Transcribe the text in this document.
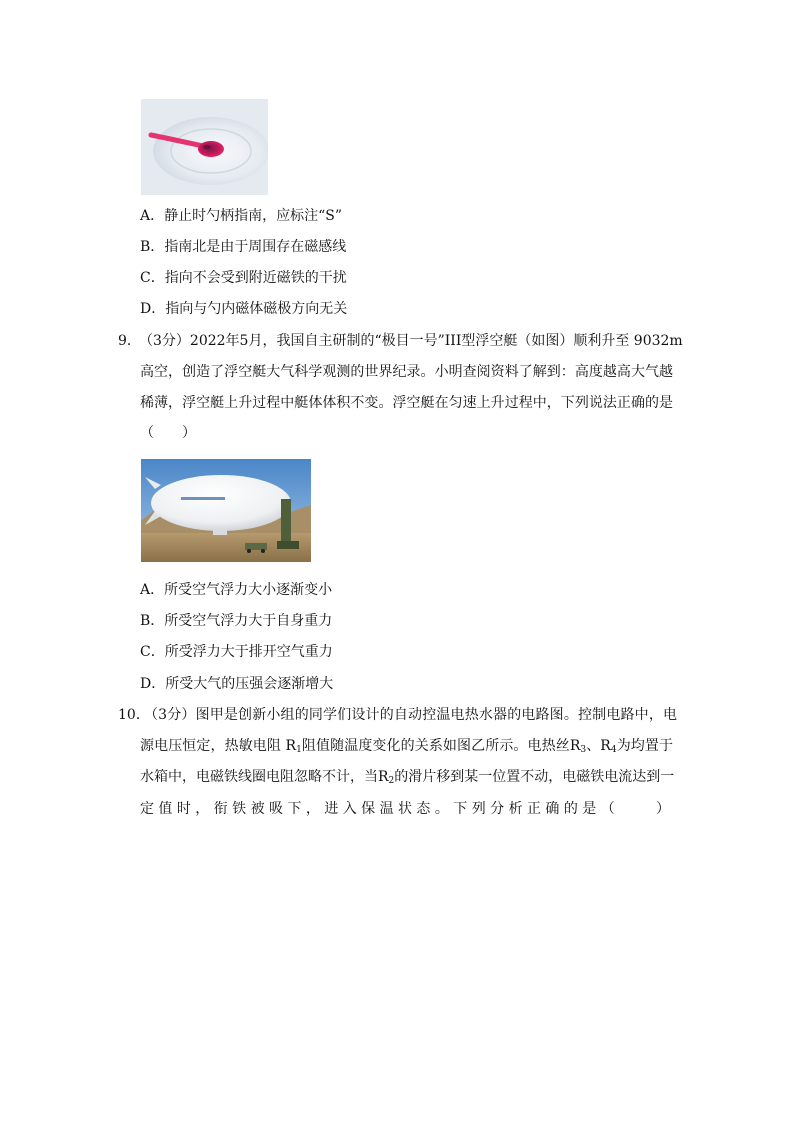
A．静止时勺柄指南，应标注“S”
B．指南北是由于周围存在磁感线
C．指向不会受到附近磁铁的干扰
D．指向与勺内磁体磁极方向无关
9．
（3分）2022年5月，我国自主研制的“极目一号”III型浮空艇（如图）顺利升至 9032m
高空，创造了浮空艇大气科学观测的世界纪录。小明查阅资料了解到：高度越高大气越
稀薄，浮空艇上升过程中艇体体积不变。浮空艇在匀速上升过程中，下列说法正确的是
（　　）
A．所受空气浮力大小逐渐变小
B．所受空气浮力大于自身重力
C．所受浮力大于排开空气重力
D．所受大气的压强会逐渐增大
10．
（3分）图甲是创新小组的同学们设计的自动控温电热水器的电路图。控制电路中，电
源电压恒定，热敏电阻 $R_1$阻值随温度变化的关系如图乙所示。电热丝$R_3$、$R_4$为均置于
水箱中，电磁铁线圈电阻忽略不计，当$R_2$的滑片移到某一位置不动，电磁铁电流达到一
定值时，衔铁被吸下，进入保温状态。下列分析正确的是（　　）
